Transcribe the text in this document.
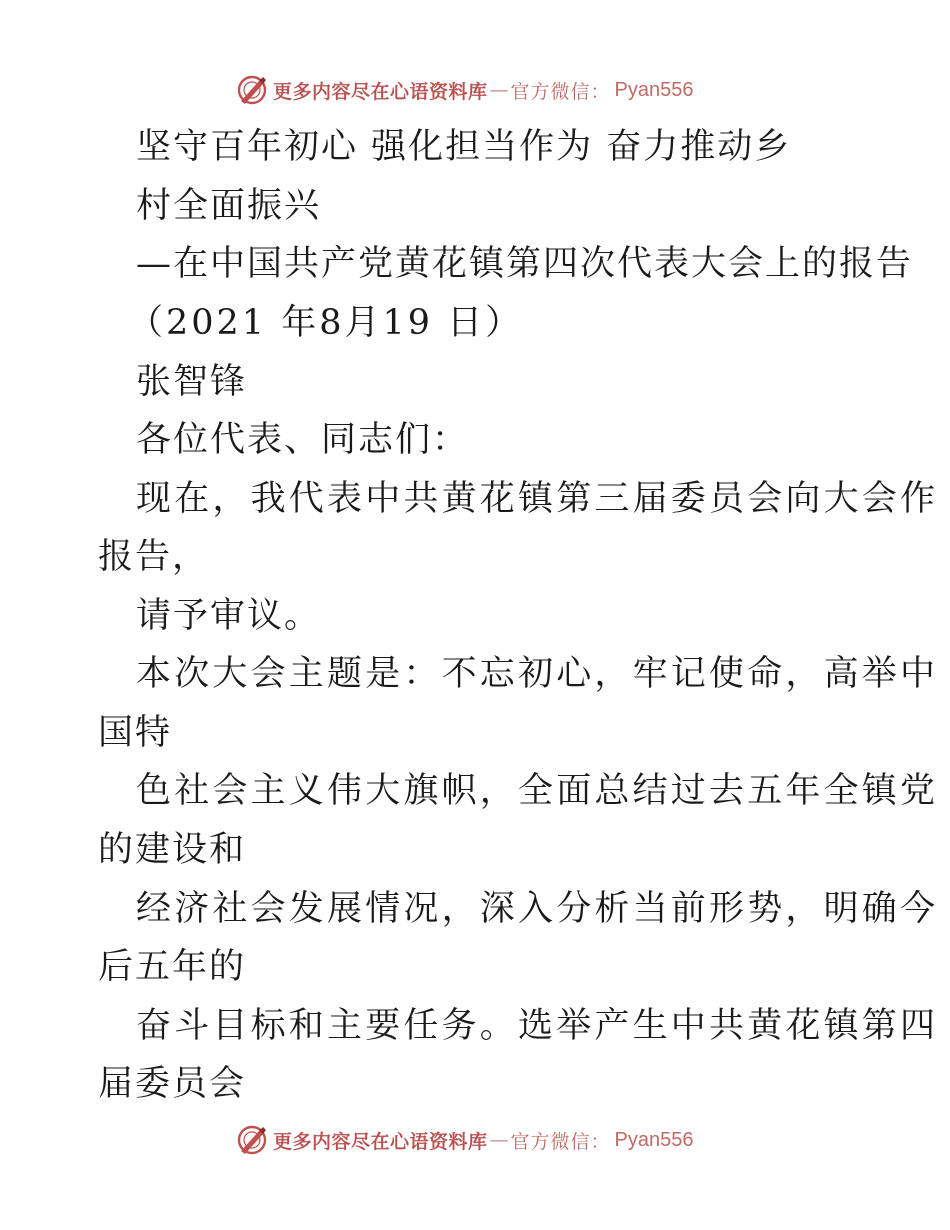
更多内容尽在心语资料库 — 官方微信： Pyan556
坚守百年初心 强化担当作为 奋力推动乡
村全面振兴
—在中国共产党黄花镇第四次代表大会上的报告
（2021 年8月19 日）
张智锋
各位代表、同志们：
现在，我代表中共黄花镇第三届委员会向大会作
报告，
请予审议。
本次大会主题是：不忘初心，牢记使命，高举中
国特
色社会主义伟大旗帜，全面总结过去五年全镇党
的建设和
经济社会发展情况，深入分析当前形势，明确今
后五年的
奋斗目标和主要任务。选举产生中共黄花镇第四
届委员会
更多内容尽在心语资料库 — 官方微信： Pyan556
